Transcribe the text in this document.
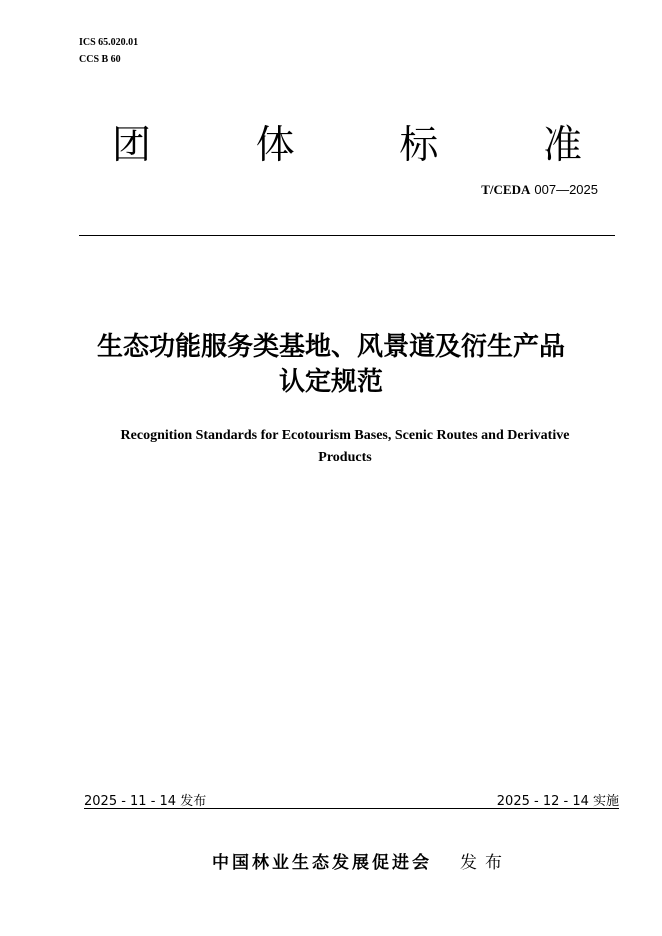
ICS 65.020.01
CCS B 60
团	体	标	准
T/CEDA 007—2025
生态功能服务类基地、风景道及衍生产品
认定规范
Recognition Standards for Ecotourism Bases, Scenic Routes and Derivative
Products
2025 - 11 - 14 发布	2025 - 12 - 14 实施
中国林业生态发展促进会 发布
